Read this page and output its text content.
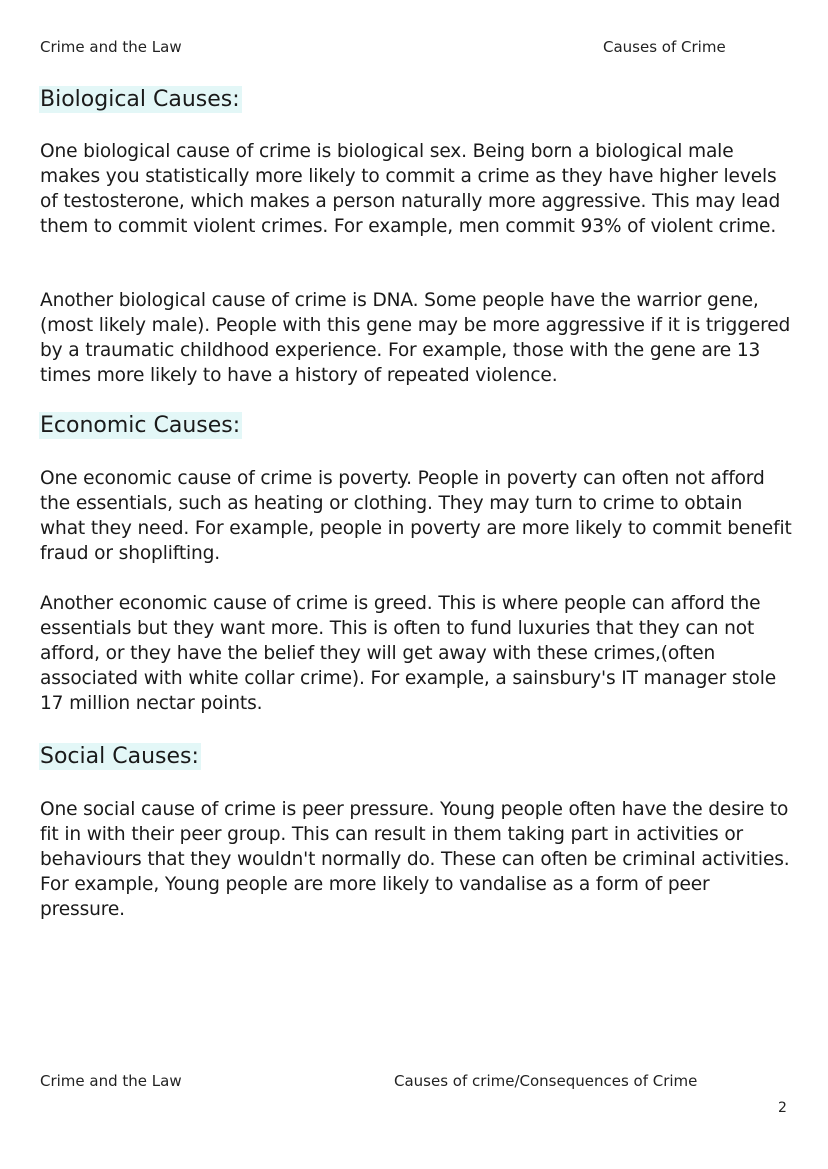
Crime and the Law	Causes of Crime
Biological Causes:

One biological cause of crime is biological sex. Being born a biological male makes you statistically more likely to commit a crime as they have higher levels of testosterone, which makes a person naturally more aggressive. This may lead them to commit violent crimes. For example, men commit 93% of violent crime.

Another biological cause of crime is DNA. Some people have the warrior gene,(most likely male). People with this gene may be more aggressive if it is triggered by a traumatic childhood experience. For example, those with the gene are 13 times more likely to have a history of repeated violence.

Economic Causes:

One economic cause of crime is poverty. People in poverty can often not afford the essentials, such as heating or clothing. They may turn to crime to obtain what they need. For example, people in poverty are more likely to commit benefit fraud or shoplifting.

Another economic cause of crime is greed. This is where people can afford the essentials but they want more. This is often to fund luxuries that they can not afford, or they have the belief they will get away with these crimes,(often associated with white collar crime). For example, a sainsbury's IT manager stole 17 million nectar points.

Social Causes:

One social cause of crime is peer pressure. Young people often have the desire to fit in with their peer group. This can result in them taking part in activities or behaviours that they wouldn't normally do. These can often be criminal activities. For example, Young people are more likely to vandalise as a form of peer pressure.

Crime and the Law	Causes of crime/Consequences of Crime
2
